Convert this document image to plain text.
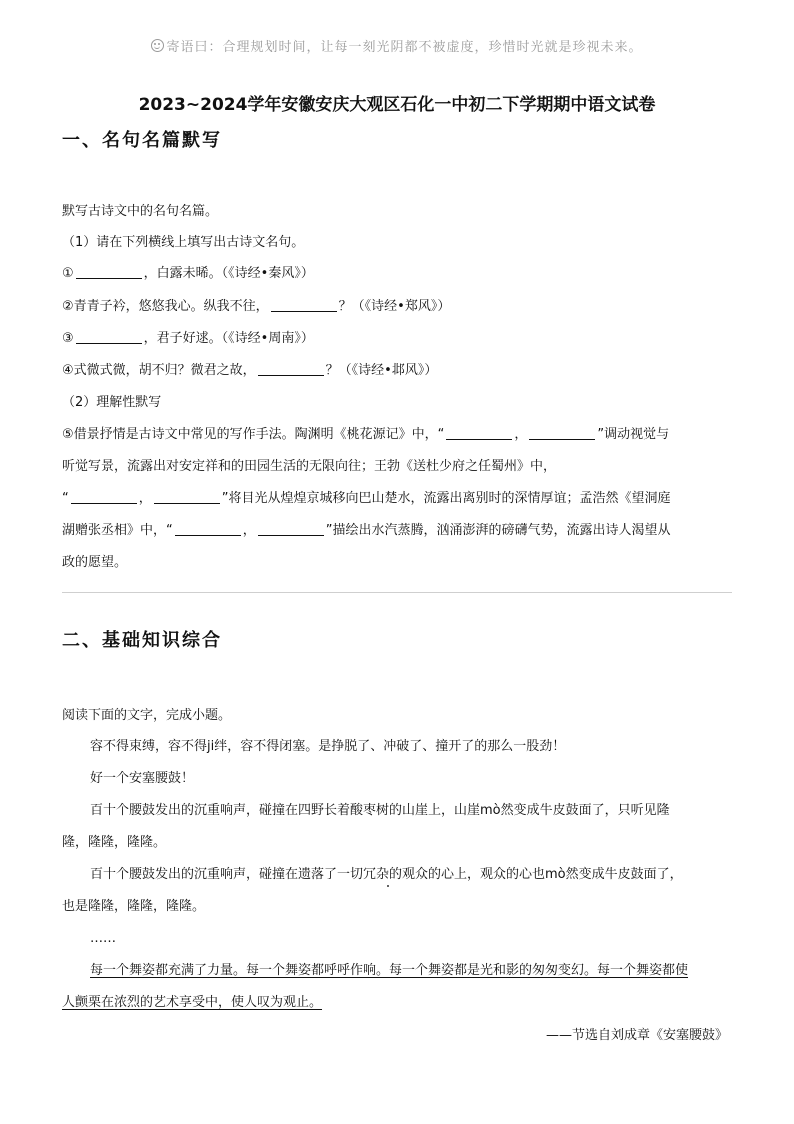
寄语曰：合理规划时间，让每一刻光阴都不被虚度，珍惜时光就是珍视未来。
2023~2024学年安徽安庆大观区石化一中初二下学期期中语文试卷
一、名句名篇默写
默写古诗文中的名句名篇。
（1）请在下列横线上填写出古诗文名句。
①	，白露未晞。（《诗经•秦风》）
②青青子衿，悠悠我心。纵我不往，	？（《诗经•郑风》）
③	，君子好逑。（《诗经•周南》）
④式微式微，胡不归？微君之故，	？（《诗经•邶风》）
（2）理解性默写
⑤借景抒情是古诗文中常见的写作手法。陶渊明《桃花源记》中，“	，	”调动视觉与
听觉写景，流露出对安定祥和的田园生活的无限向往；王勃《送杜少府之任蜀州》中，
“	，	”将目光从煌煌京城移向巴山楚水，流露出离别时的深情厚谊；孟浩然《望洞庭
湖赠张丞相》中，“	，	”描绘出水汽蒸腾，汹涌澎湃的磅礴气势，流露出诗人渴望从
政的愿望。
二、基础知识综合
阅读下面的文字，完成小题。
容不得束缚，容不得ji绊，容不得闭塞。是挣脱了、冲破了、撞开了的那么一股劲！
好一个安塞腰鼓！
百十个腰鼓发出的沉重响声，碰撞在四野长着酸枣树的山崖上，山崖mò然变成牛皮鼓面了，只听见隆
隆，隆隆，隆隆。
百十个腰鼓发出的沉重响声，碰撞在遗落了一切冗杂的观众的心上，观众的心也mò然变成牛皮鼓面了，
也是隆隆，隆隆，隆隆。
……
每一个舞姿都充满了力量。每一个舞姿都呼呼作响。每一个舞姿都是光和影的匆匆变幻。每一个舞姿都使
人颤栗在浓烈的艺术享受中，使人叹为观止。
——节选自刘成章《安塞腰鼓》
